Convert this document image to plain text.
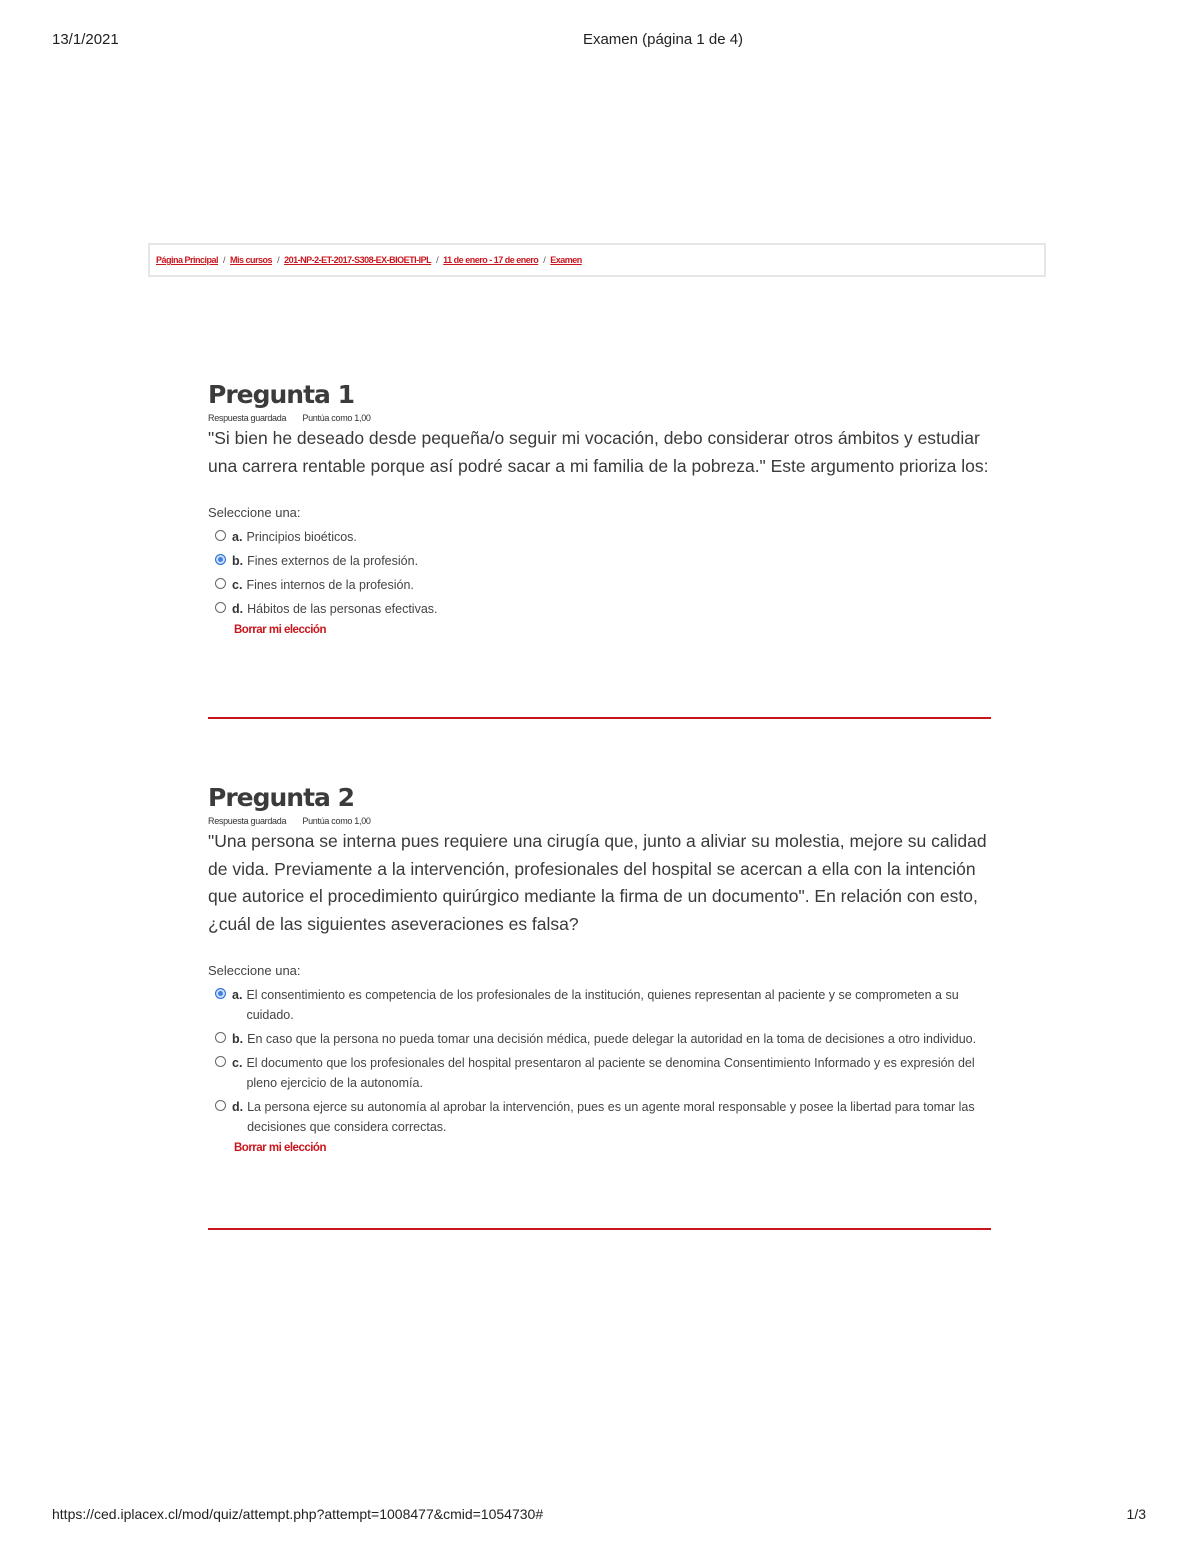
13/1/2021	Examen (página 1 de 4)
Página Principal / Mis cursos / 201-NP-2-ET-2017-S308-EX-BIOETI-IPL / 11 de enero - 17 de enero / Examen
Pregunta 1
Respuesta guardada Puntúa como 1,00
"Si bien he deseado desde pequeña/o seguir mi vocación, debo considerar otros ámbitos y estudiar una carrera rentable porque así podré sacar a mi familia de la pobreza." Este argumento prioriza los:
Seleccione una:
a. Principios bioéticos.
b. Fines externos de la profesión.
c. Fines internos de la profesión.
d. Hábitos de las personas efectivas.
Borrar mi elección
Pregunta 2
Respuesta guardada Puntúa como 1,00
"Una persona se interna pues requiere una cirugía que, junto a aliviar su molestia, mejore su calidad de vida. Previamente a la intervención, profesionales del hospital se acercan a ella con la intención que autorice el procedimiento quirúrgico mediante la firma de un documento". En relación con esto, ¿cuál de las siguientes aseveraciones es falsa?
Seleccione una:
a. El consentimiento es competencia de los profesionales de la institución, quienes representan al paciente y se comprometen a su cuidado.
b. En caso que la persona no pueda tomar una decisión médica, puede delegar la autoridad en la toma de decisiones a otro individuo.
c. El documento que los profesionales del hospital presentaron al paciente se denomina Consentimiento Informado y es expresión del pleno ejercicio de la autonomía.
d. La persona ejerce su autonomía al aprobar la intervención, pues es un agente moral responsable y posee la libertad para tomar las decisiones que considera correctas.
Borrar mi elección
https://ced.iplacex.cl/mod/quiz/attempt.php?attempt=1008477&cmid=1054730#	1/3
